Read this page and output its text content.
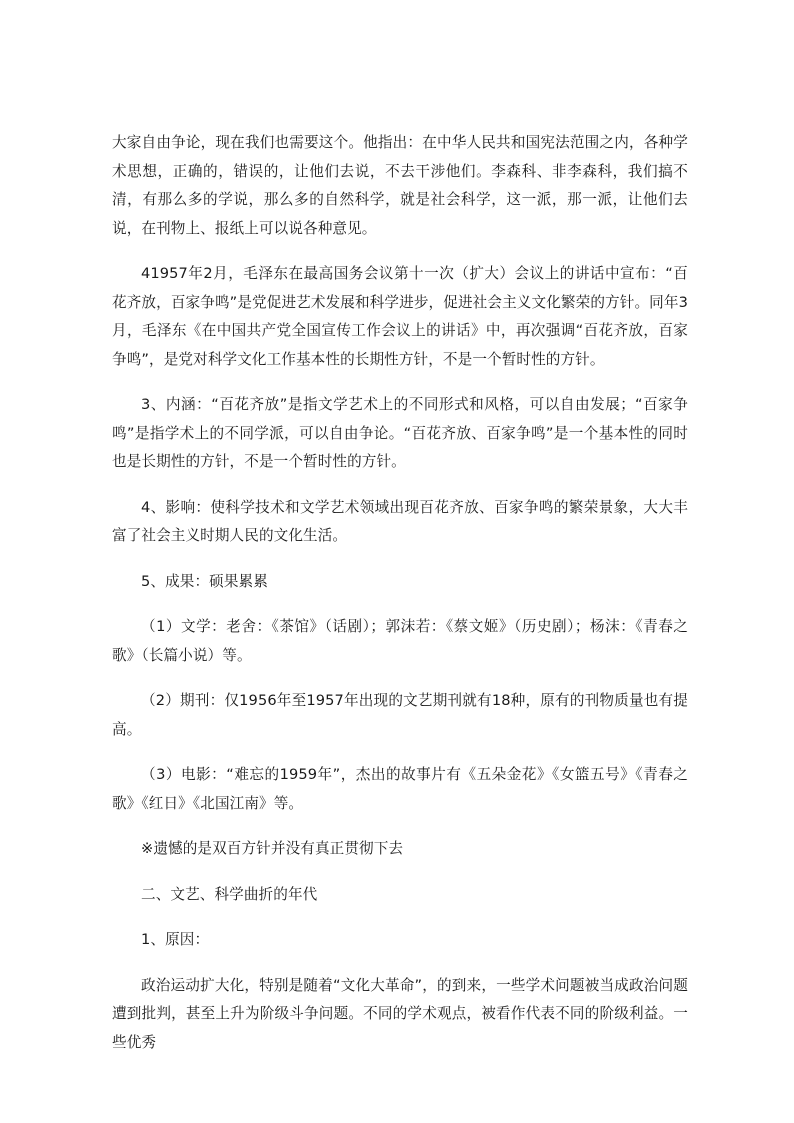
大家自由争论，现在我们也需要这个。他指出：在中华人民共和国宪法范围之内，各种学术思想，正确的，错误的，让他们去说，不去干涉他们。李森科、非李森科，我们搞不清，有那么多的学说，那么多的自然科学，就是社会科学，这一派，那一派，让他们去说，在刊物上、报纸上可以说各种意见。

41957年2月，毛泽东在最高国务会议第十一次（扩大）会议上的讲话中宣布：“百花齐放，百家争鸣”是党促进艺术发展和科学进步，促进社会主义文化繁荣的方针。同年3月，毛泽东《在中国共产党全国宣传工作会议上的讲话》中，再次强调“百花齐放，百家争鸣”，是党对科学文化工作基本性的长期性方针，不是一个暂时性的方针。

3、内涵：“百花齐放”是指文学艺术上的不同形式和风格，可以自由发展；“百家争鸣”是指学术上的不同学派，可以自由争论。“百花齐放、百家争鸣”是一个基本性的同时也是长期性的方针，不是一个暂时性的方针。

4、影响：使科学技术和文学艺术领域出现百花齐放、百家争鸣的繁荣景象，大大丰富了社会主义时期人民的文化生活。

5、成果：硕果累累

（1）文学：老舍：《茶馆》（话剧）；郭沫若：《蔡文姬》（历史剧）；杨沫：《青春之歌》（长篇小说）等。

（2）期刊：仅1956年至1957年出现的文艺期刊就有18种，原有的刊物质量也有提高。

（3）电影：“难忘的1959年”，杰出的故事片有《五朵金花》《女篮五号》《青春之歌》《红日》《北国江南》等。

※遗憾的是双百方针并没有真正贯彻下去

二、文艺、科学曲折的年代

1、原因：

政治运动扩大化，特别是随着“文化大革命”，的到来，一些学术问题被当成政治问题遭到批判，甚至上升为阶级斗争问题。不同的学术观点，被看作代表不同的阶级利益。一些优秀
